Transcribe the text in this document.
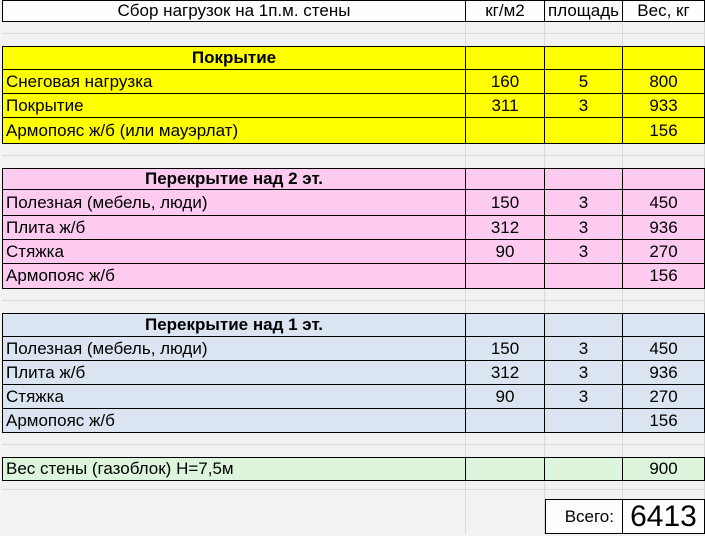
Сбор нагрузок на 1п.м. стены	кг/м2	площадь	Вес, кг

Покрытие			
Снеговая нагрузка	160	5	800
Покрытие	311	3	933
Армопояс ж/б (или мауэрлат)			156

Перекрытие над 2 эт.			
Полезная (мебель, люди)	150	3	450
Плита ж/б	312	3	936
Стяжка	90	3	270
Армопояс ж/б			156

Перекрытие над 1 эт.			
Полезная (мебель, люди)	150	3	450
Плита ж/б	312	3	936
Стяжка	90	3	270
Армопояс ж/б			156

Вес стены (газоблок) Н=7,5м			900

		Всего:	6413
